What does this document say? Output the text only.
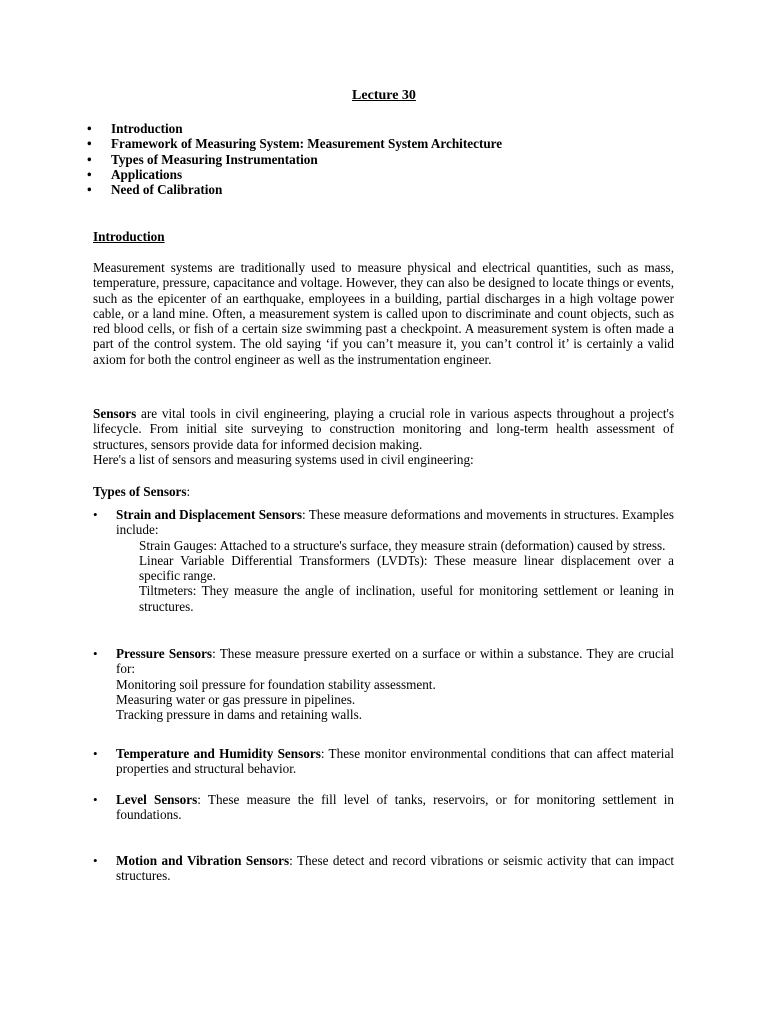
Lecture 30
• Introduction
• Framework of Measuring System: Measurement System Architecture
• Types of Measuring Instrumentation
• Applications
• Need of Calibration
Introduction

Measurement systems are traditionally used to measure physical and electrical quantities, such as mass, temperature, pressure, capacitance and voltage. However, they can also be designed to locate things or events, such as the epicenter of an earthquake, employees in a building, partial discharges in a high voltage power cable, or a land mine. Often, a measurement system is called upon to discriminate and count objects, such as red blood cells, or fish of a certain size swimming past a checkpoint. A measurement system is often made a part of the control system. The old saying ‘if you can’t measure it, you can’t control it’ is certainly a valid axiom for both the control engineer as well as the instrumentation engineer.

Sensors are vital tools in civil engineering, playing a crucial role in various aspects throughout a project's lifecycle. From initial site surveying to construction monitoring and long-term health assessment of structures, sensors provide data for informed decision making.

Here's a list of sensors and measuring systems used in civil engineering:

Types of Sensors:
• Strain and Displacement Sensors: These measure deformations and movements in structures. Examples include:
Strain Gauges: Attached to a structure's surface, they measure strain (deformation) caused by stress.
Linear Variable Differential Transformers (LVDTs): These measure linear displacement over a specific range.
Tiltmeters: They measure the angle of inclination, useful for monitoring settlement or leaning in structures.
• Pressure Sensors: These measure pressure exerted on a surface or within a substance. They are crucial for:
Monitoring soil pressure for foundation stability assessment.
Measuring water or gas pressure in pipelines.
Tracking pressure in dams and retaining walls.
• Temperature and Humidity Sensors: These monitor environmental conditions that can affect material properties and structural behavior.
• Level Sensors: These measure the fill level of tanks, reservoirs, or for monitoring settlement in foundations.
• Motion and Vibration Sensors: These detect and record vibrations or seismic activity that can impact structures.
